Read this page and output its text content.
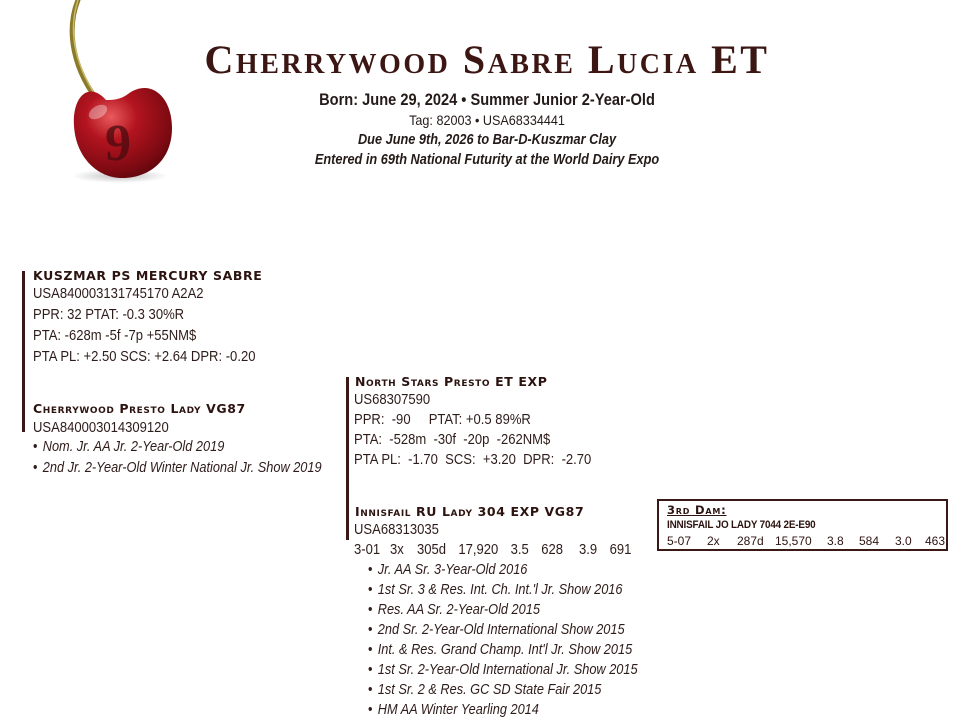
9
Cherrywood Sabre Lucia ET
Born: June 29, 2024 • Summer Junior 2-Year-Old
Tag: 82003 • USA68334441
Due June 9th, 2026 to Bar-D-Kuszmar Clay
Entered in 69th National Futurity at the World Dairy Expo
KUSZMAR PS MERCURY SABRE
USA840003131745170 A2A2
PPR: 32 PTAT: -0.3 30%R
PTA: -628m -5f -7p +55NM$
PTA PL: +2.50 SCS: +2.64 DPR: -0.20
Cherrywood Presto Lady VG87
USA840003014309120
• Nom. Jr. AA Jr. 2-Year-Old 2019
• 2nd Jr. 2-Year-Old Winter National Jr. Show 2019
North Stars Presto ET EXP
US68307590
PPR:  -90     PTAT: +0.5 89%R
PTA:  -528m  -30f  -20p  -262NM$
PTA PL:  -1.70  SCS:  +3.20  DPR:  -2.70
Innisfail RU Lady 304 EXP VG87
USA68313035
3-01 3x 305d 17,920 3.5 628 3.9 691
• Jr. AA Sr. 3-Year-Old 2016
• 1st Sr. 3 & Res. Int. Ch. Int.'l Jr. Show 2016
• Res. AA Sr. 2-Year-Old 2015
• 2nd Sr. 2-Year-Old International Show 2015
• Int. & Res. Grand Champ. Int'l Jr. Show 2015
• 1st Sr. 2-Year-Old International Jr. Show 2015
• 1st Sr. 2 & Res. GC SD State Fair 2015
• HM AA Winter Yearling 2014
3rd Dam:
INNISFAIL JO LADY 7044 2E-E90
5-07 2x 287d 15,570 3.8 584 3.0 463
